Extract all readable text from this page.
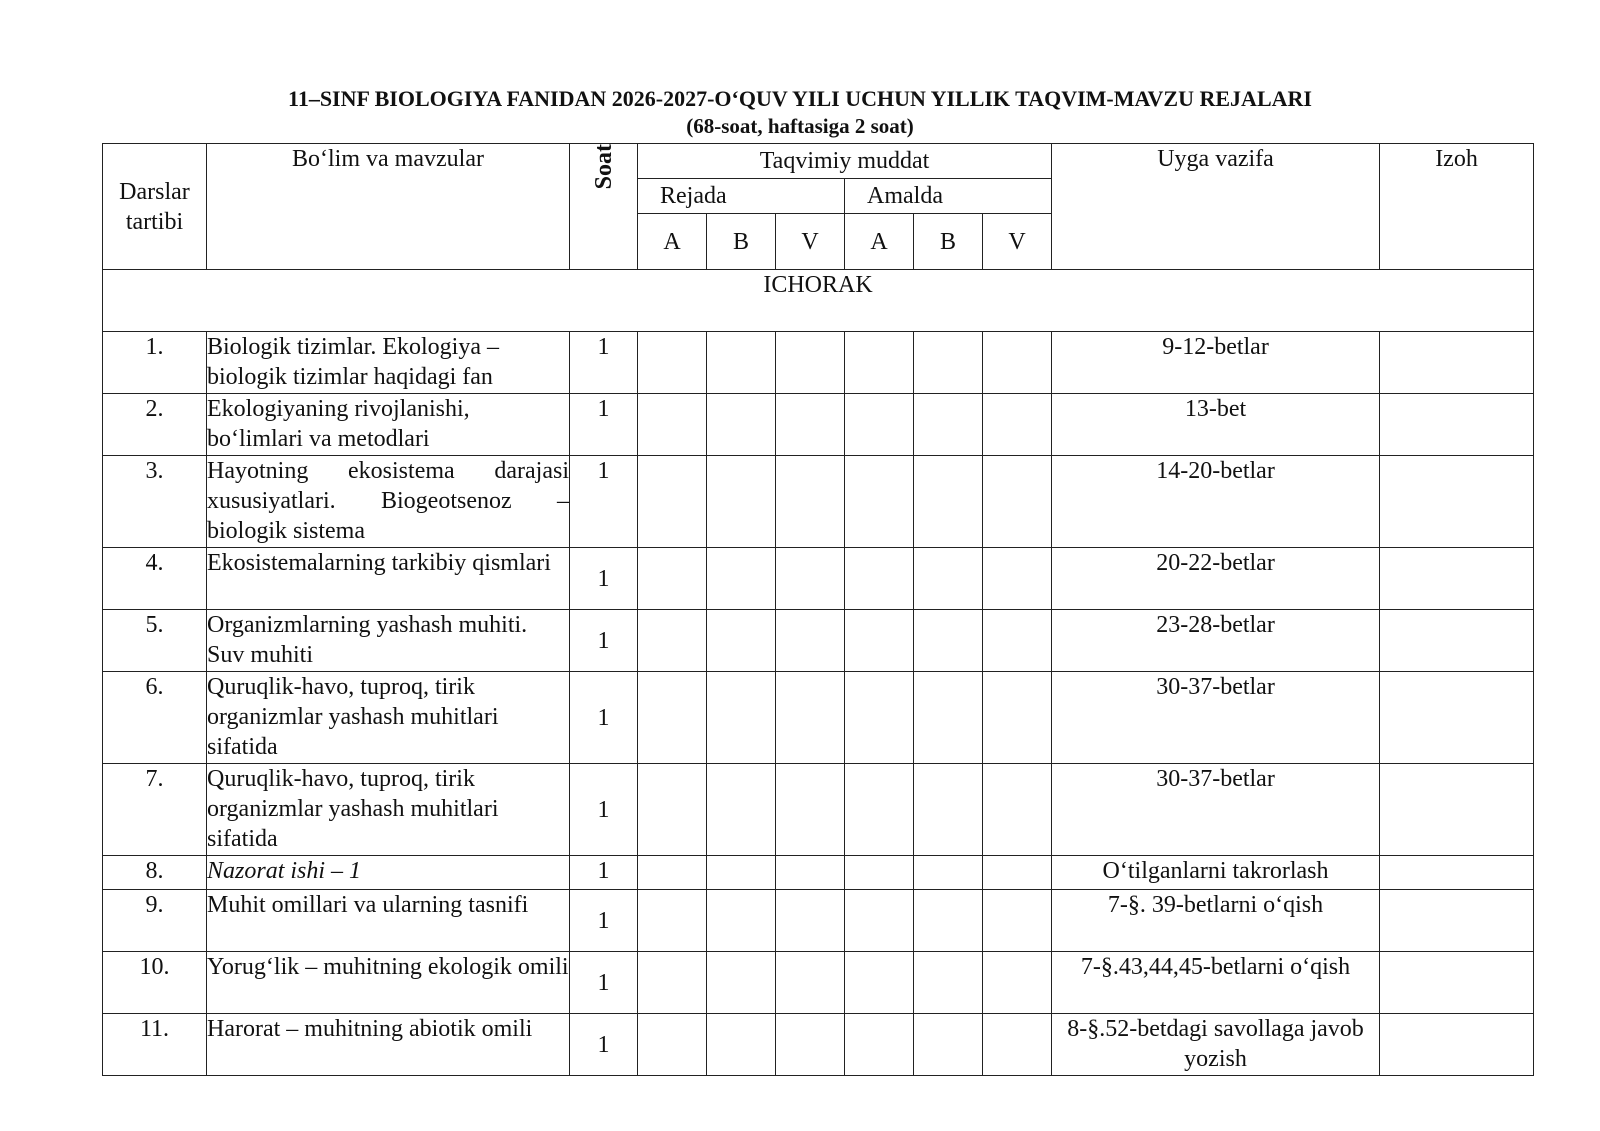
11–SINF BIOLOGIYA FANIDAN 2026-2027-O‘QUV YILI UCHUN YILLIK TAQVIM-MAVZU REJALARI
(68-soat, haftasiga 2 soat)
Darslar tartibi	Bo‘lim va mavzular	Soat	Taqvimiy muddat						Uyga vazifa	Izoh
			Rejada			Amalda				
			A	B	V	A	B	V		
ICHORAK										
1.	Biologik tizimlar. Ekologiya – biologik tizimlar haqidagi fan	1							9-12-betlar	
2.	Ekologiyaning rivojlanishi, bo‘limlari va metodlari	1							13-bet	
3.	Hayotning ekosistema darajasi xususiyatlari. Biogeotsenoz – biologik sistema	1							14-20-betlar	
4.	Ekosistemalarning tarkibiy qismlari	1							20-22-betlar	
5.	Organizmlarning yashash muhiti. Suv muhiti	1							23-28-betlar	
6.	Quruqlik-havo, tuproq, tirik organizmlar yashash muhitlari sifatida	1							30-37-betlar	
7.	Quruqlik-havo, tuproq, tirik organizmlar yashash muhitlari sifatida	1							30-37-betlar	
8.	Nazorat ishi – 1	1							O‘tilganlarni takrorlash	
9.	Muhit omillari va ularning tasnifi	1							7-§. 39-betlarni o‘qish	
10.	Yorug‘lik – muhitning ekologik omili	1							7-§.43,44,45-betlarni o‘qish	
11.	Harorat – muhitning abiotik omili	1							8-§.52-betdagi savollaga javob yozish	
